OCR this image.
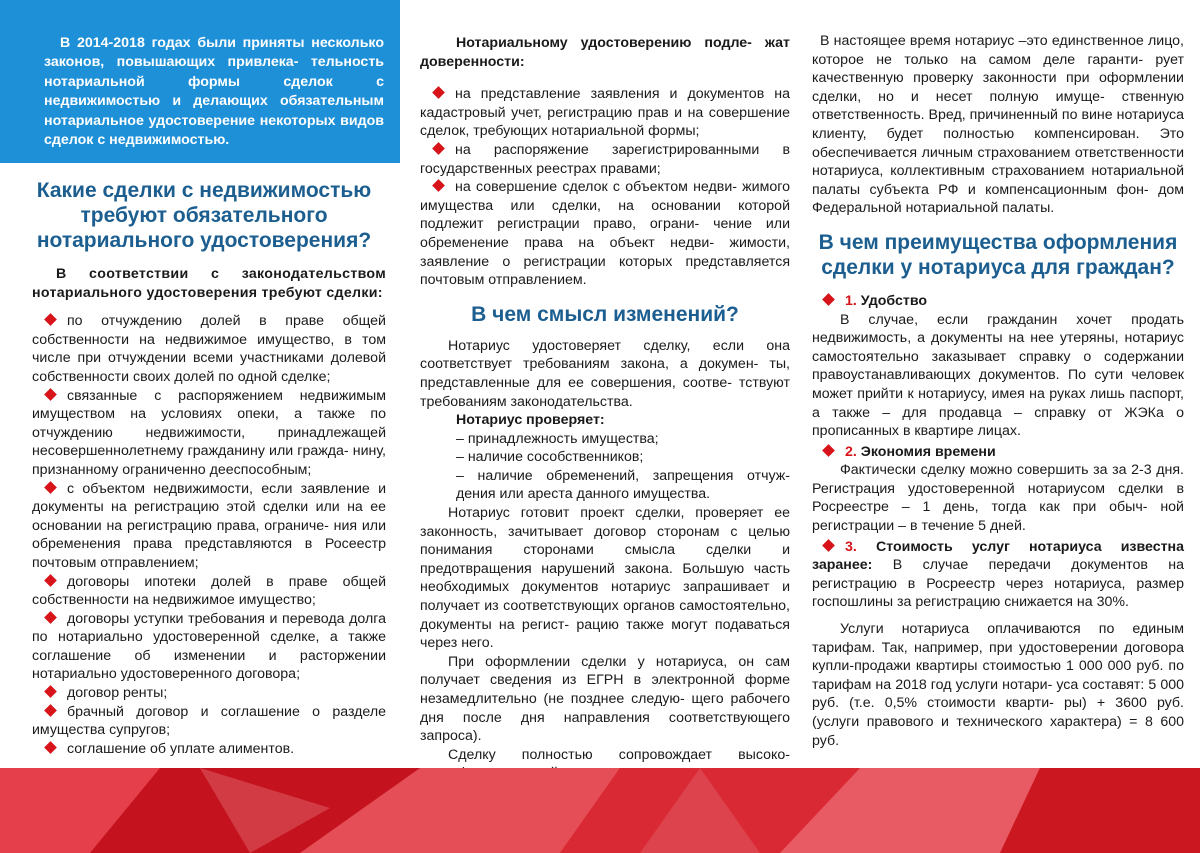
В 2014-2018 годах были приняты несколько законов, повышающих привлека- тельность нотариальной формы сделок с недвижимостью и делающих обязательным нотариальное удостоверение некоторых видов сделок с недвижимостью.

Какие сделки с недвижимостью требуют обязательного нотариального удостоверения?

В соответствии с законодательством нотариального удостоверения требуют сделки:

по отчуждению долей в праве общей собственности на недвижимое имущество, в том числе при отчуждении всеми участниками долевой собственности своих долей по одной сделке;

связанные с распоряжением недвижимым имуществом на условиях опеки, а также по отчуждению недвижимости, принадлежащей несовершеннолетнему гражданину или гражда- нину, признанному ограниченно дееспособным;

с объектом недвижимости, если заявление и документы на регистрацию этой сделки или на ее основании на регистрацию права, ограниче- ния или обременения права представляются в Росеестр почтовым отправлением;

договоры ипотеки долей в праве общей собственности на недвижимое имущество;

договоры уступки требования и перевода долга по нотариально удостоверенной сделке, а также соглашение об изменении и расторжении нотариально удостоверенного договора;

договор ренты;

брачный договор и соглашение о разделе имущества супругов;

соглашение об уплате алиментов.

Нотариальному удостоверению подле- жат доверенности:

на представление заявления и документов на кадастровый учет, регистрацию прав и на совершение сделок, требующих нотариальной формы;

на распоряжение зарегистрированными в государственных реестрах правами;

на совершение сделок с объектом недви- жимого имущества или сделки, на основании которой подлежит регистрации право, ограни- чение или обременение права на объект недви- жимости, заявление о регистрации которых представляется почтовым отправлением.

В чем смысл изменений?

Нотариус удостоверяет сделку, если она соответствует требованиям закона, а докумен- ты, представленные для ее совершения, соотве- тствуют требованиям законодательства.

Нотариус проверяет:

– принадлежность имущества;

– наличие сособственников;

– наличие обременений, запрещения отчуж- дения или ареста данного имущества.

Нотариус готовит проект сделки, проверяет ее законность, зачитывает договор сторонам с целью понимания сторонами смысла сделки и предотвращения нарушений закона. Большую часть необходимых документов нотариус запрашивает и получает из соответствующих органов самостоятельно, документы на регист- рацию также могут подаваться через него.

При оформлении сделки у нотариуса, он сам получает сведения из ЕГРН в электронной форме незамедлительно (не позднее следую- щего рабочего дня после дня направления соответствующего запроса).

Сделку полностью сопровождает высоко-

В настоящее время нотариус –это единственное лицо, которое не только на самом деле гаранти- рует качественную проверку законности при оформлении сделки, но и несет полную имуще- ственную ответственность. Вред, причиненный по вине нотариуса клиенту, будет полностью компенсирован. Это обеспечивается личным страхованием ответственности нотариуса, коллективным страхованием нотариальной палаты субъекта РФ и компенсационным фон- дом Федеральной нотариальной палаты.

В чем преимущества оформления сделки у нотариуса для граждан?

1. Удобство

В случае, если гражданин хочет продать недвижимость, а документы на нее утеряны, нотариус самостоятельно заказывает справку о содержании правоустанавливающих документов. По сути человек может прийти к нотариусу, имея на руках лишь паспорт, а также – для продавца – справку от ЖЭКа о прописанных в квартире лицах.

2. Экономия времени

Фактически сделку можно совершить за за 2-3 дня. Регистрация удостоверенной нотариусом сделки в Росреестре – 1 день, тогда как при обыч- ной регистрации – в течение 5 дней.

3. Стоимость услуг нотариуса известна заранее: В случае передачи документов на регистрацию в Росреестр через нотариуса, размер госпошлины за регистрацию снижается на 30%.

Услуги нотариуса оплачиваются по единым тарифам. Так, например, при удостоверении договора купли-продажи квартиры стоимостью 1 000 000 руб. по тарифам на 2018 год услуги нотари- уса составят: 5 000 руб. (т.е. 0,5% стоимости кварти- ры) + 3600 руб. (услуги правового и технического характера) = 8 600 руб.
